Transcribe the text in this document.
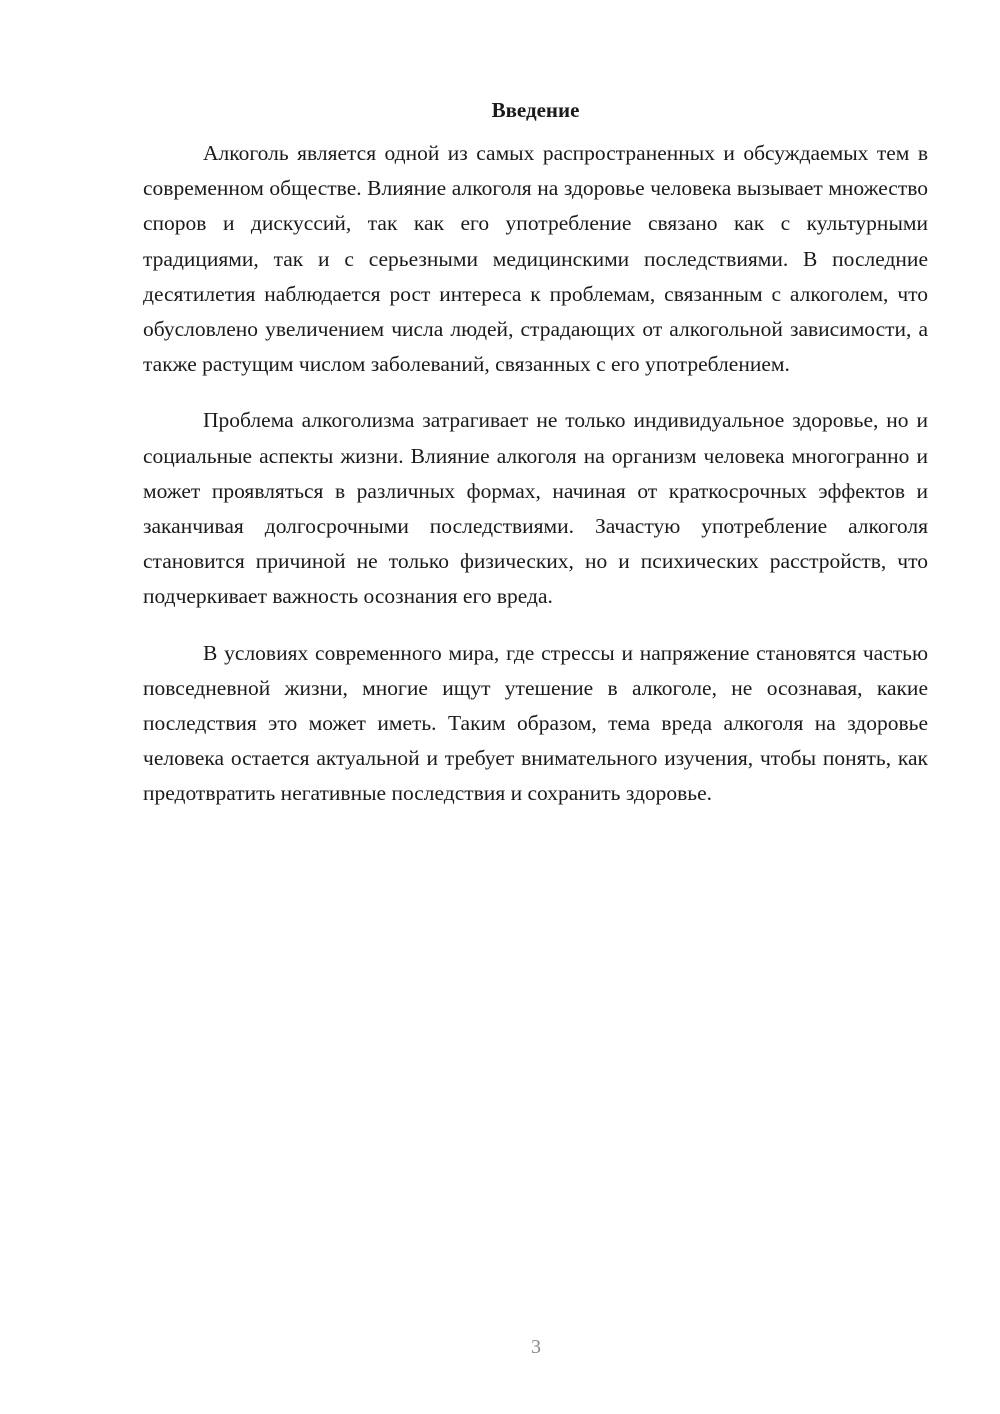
Введение

Алкоголь является одной из самых распространенных и обсуждаемых тем в современном обществе. Влияние алкоголя на здоровье человека вызывает множество споров и дискуссий, так как его употребление связано как с культурными традициями, так и с серьезными медицинскими последствиями. В последние десятилетия наблюдается рост интереса к проблемам, связанным с алкоголем, что обусловлено увеличением числа людей, страдающих от алкогольной зависимости, а также растущим числом заболеваний, связанных с его употреблением.

Проблема алкоголизма затрагивает не только индивидуальное здоровье, но и социальные аспекты жизни. Влияние алкоголя на организм человека многогранно и может проявляться в различных формах, начиная от краткосрочных эффектов и заканчивая долгосрочными последствиями. Зачастую употребление алкоголя становится причиной не только физических, но и психических расстройств, что подчеркивает важность осознания его вреда.

В условиях современного мира, где стрессы и напряжение становятся частью повседневной жизни, многие ищут утешение в алкоголе, не осознавая, какие последствия это может иметь. Таким образом, тема вреда алкоголя на здоровье человека остается актуальной и требует внимательного изучения, чтобы понять, как предотвратить негативные последствия и сохранить здоровье.

3
